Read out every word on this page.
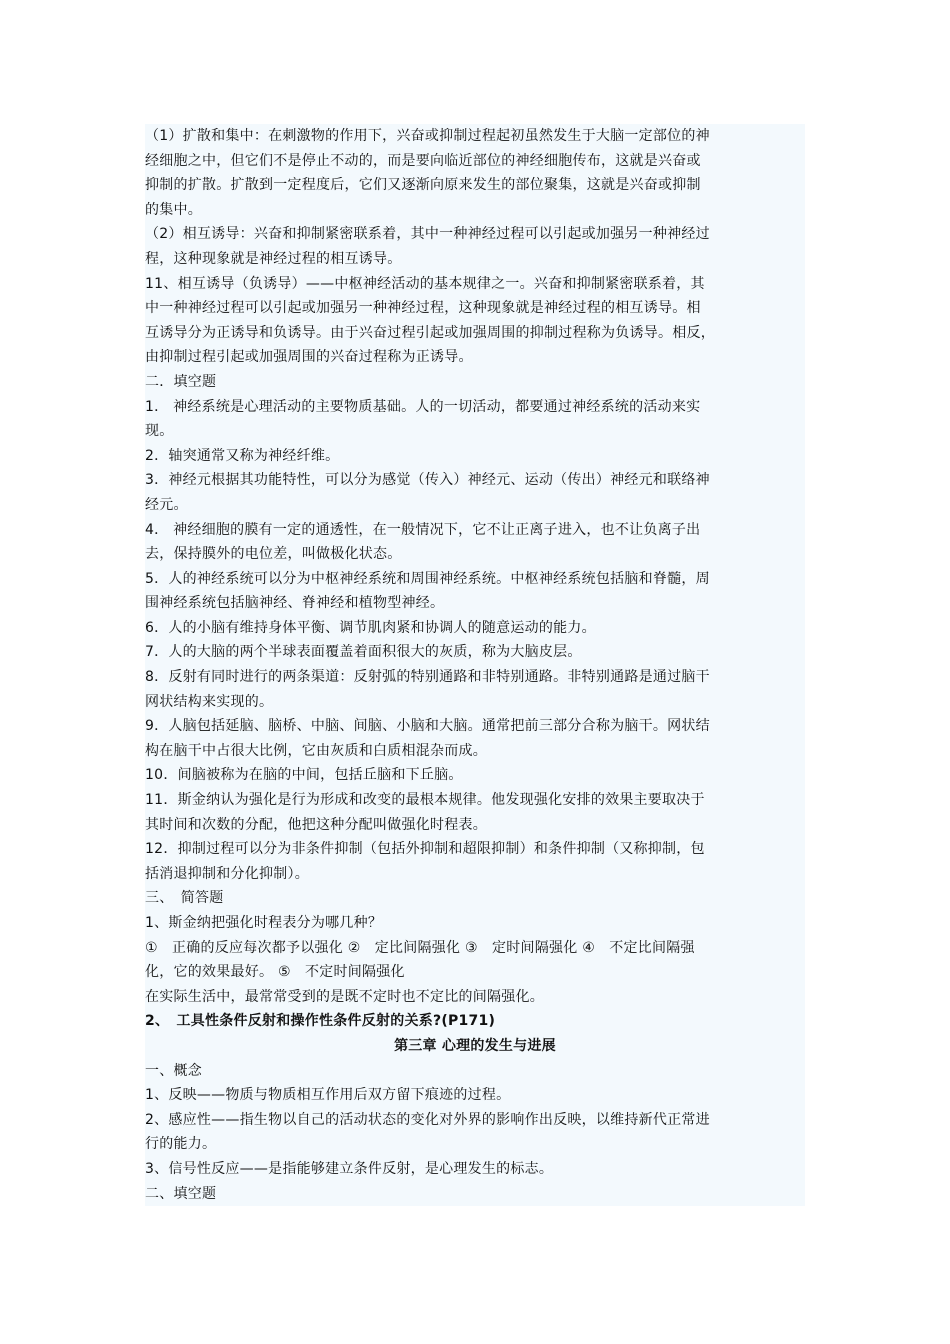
（1）扩散和集中：在刺激物的作用下，兴奋或抑制过程起初虽然发生于大脑一定部位的神
经细胞之中，但它们不是停止不动的，而是要向临近部位的神经细胞传布，这就是兴奋或
抑制的扩散。扩散到一定程度后，它们又逐渐向原来发生的部位聚集，这就是兴奋或抑制
的集中。
（2）相互诱导：兴奋和抑制紧密联系着，其中一种神经过程可以引起或加强另一种神经过
程，这种现象就是神经过程的相互诱导。
11、相互诱导（负诱导）——中枢神经活动的基本规律之一。兴奋和抑制紧密联系着，其
中一种神经过程可以引起或加强另一种神经过程，这种现象就是神经过程的相互诱导。相
互诱导分为正诱导和负诱导。由于兴奋过程引起或加强周围的抑制过程称为负诱导。相反，
由抑制过程引起或加强周围的兴奋过程称为正诱导。
二．填空题
1． 神经系统是心理活动的主要物质基础。人的一切活动，都要通过神经系统的活动来实
现。
2．轴突通常又称为神经纤维。
3．神经元根据其功能特性，可以分为感觉（传入）神经元、运动（传出）神经元和联络神
经元。
4． 神经细胞的膜有一定的通透性，在一般情况下，它不让正离子进入，也不让负离子出
去，保持膜外的电位差，叫做极化状态。
5．人的神经系统可以分为中枢神经系统和周围神经系统。中枢神经系统包括脑和脊髓，周
围神经系统包括脑神经、脊神经和植物型神经。
6．人的小脑有维持身体平衡、调节肌肉紧和协调人的随意运动的能力。
7．人的大脑的两个半球表面覆盖着面积很大的灰质，称为大脑皮层。
8．反射有同时进行的两条渠道：反射弧的特别通路和非特别通路。非特别通路是通过脑干
网状结构来实现的。
9．人脑包括延脑、脑桥、中脑、间脑、小脑和大脑。通常把前三部分合称为脑干。网状结
构在脑干中占很大比例，它由灰质和白质相混杂而成。
10．间脑被称为在脑的中间，包括丘脑和下丘脑。
11．斯金纳认为强化是行为形成和改变的最根本规律。他发现强化安排的效果主要取决于
其时间和次数的分配，他把这种分配叫做强化时程表。
12．抑制过程可以分为非条件抑制（包括外抑制和超限抑制）和条件抑制（又称抑制，包
括消退抑制和分化抑制）。
三、　简答题
1、斯金纳把强化时程表分为哪几种？
①　正确的反应每次都予以强化 ②　定比间隔强化 ③　定时间隔强化 ④　不定比间隔强
化，它的效果最好。 ⑤　不定时间隔强化
在实际生活中，最常常受到的是既不定时也不定比的间隔强化。
2、　工具性条件反射和操作性条件反射的关系?(P171)
第三章 心理的发生与进展
一、概念
1、反映——物质与物质相互作用后双方留下痕迹的过程。
2、感应性——指生物以自己的活动状态的变化对外界的影响作出反映，以维持新代正常进
行的能力。
3、信号性反应——是指能够建立条件反射，是心理发生的标志。
二、填空题
